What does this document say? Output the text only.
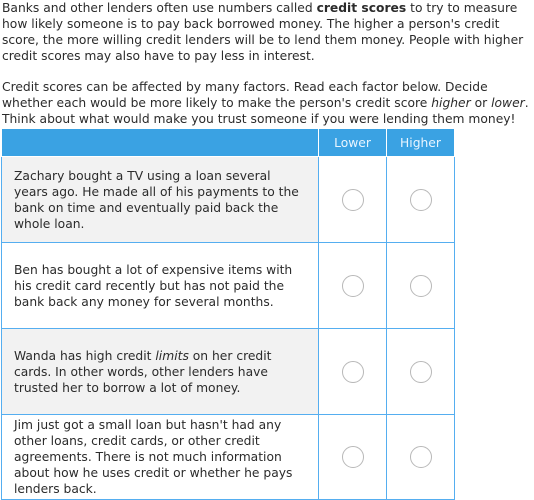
Banks and other lenders often use numbers called credit scores to try to measure how likely someone is to pay back borrowed money. The higher a person's credit score, the more willing credit lenders will be to lend them money. People with higher credit scores may also have to pay less in interest.

Credit scores can be affected by many factors. Read each factor below. Decide whether each would be more likely to make the person's credit score higher or lower. Think about what would make you trust someone if you were lending them money!

	Lower	Higher
Zachary bought a TV using a loan several years ago. He made all of his payments to the bank on time and eventually paid back the whole loan.		
Ben has bought a lot of expensive items with his credit card recently but has not paid the bank back any money for several months.		
Wanda has high credit limits on her credit cards. In other words, other lenders have trusted her to borrow a lot of money.		
Jim just got a small loan but hasn't had any other loans, credit cards, or other credit agreements. There is not much information about how he uses credit or whether he pays lenders back.		
